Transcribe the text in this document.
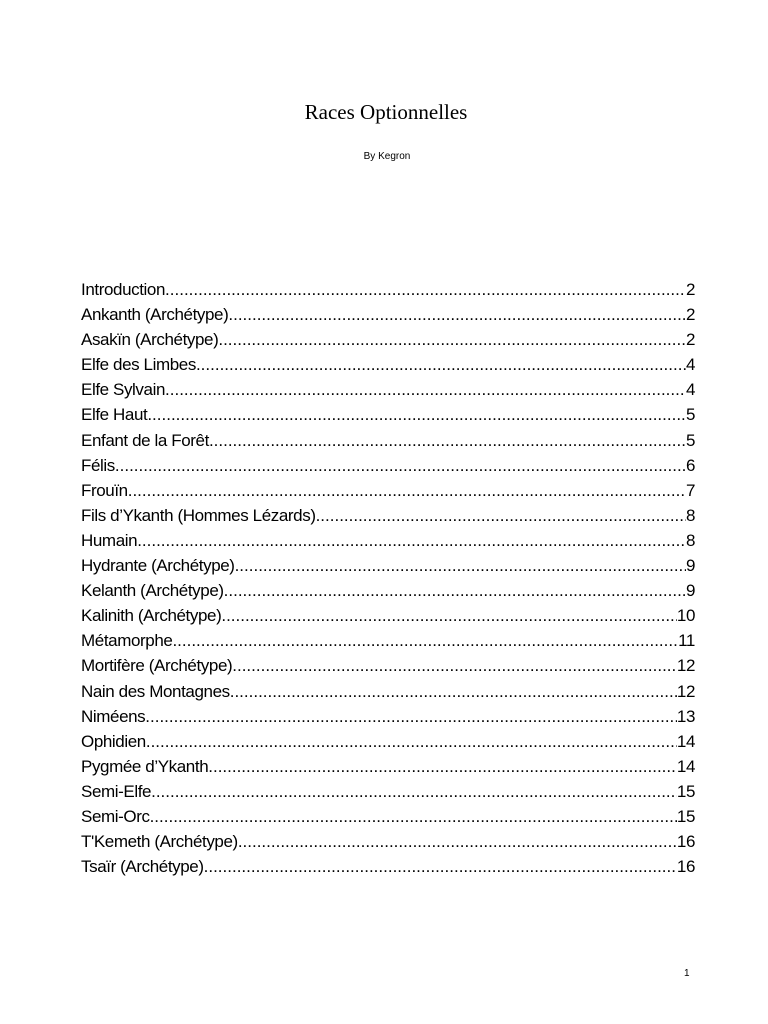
Races Optionnelles
By Kegron
Introduction .....	2
Ankanth (Archétype) .....	2
Asakïn (Archétype) .....	2
Elfe des Limbes .....	4
Elfe Sylvain .....	4
Elfe Haut .....	5
Enfant de la Forêt .....	5
Félis .....	6
Frouïn .....	7
Fils d’Ykanth (Hommes Lézards) .....	8
Humain .....	8
Hydrante (Archétype) .....	9
Kelanth (Archétype) .....	9
Kalinith (Archétype) .....	10
Métamorphe .....	11
Mortifère (Archétype) .....	12
Nain des Montagnes .....	12
Niméens .....	13
Ophidien .....	14
Pygmée d’Ykanth .....	14
Semi-Elfe .....	15
Semi-Orc .....	15
T'Kemeth (Archétype) .....	16
Tsaïr (Archétype) .....	16
1
